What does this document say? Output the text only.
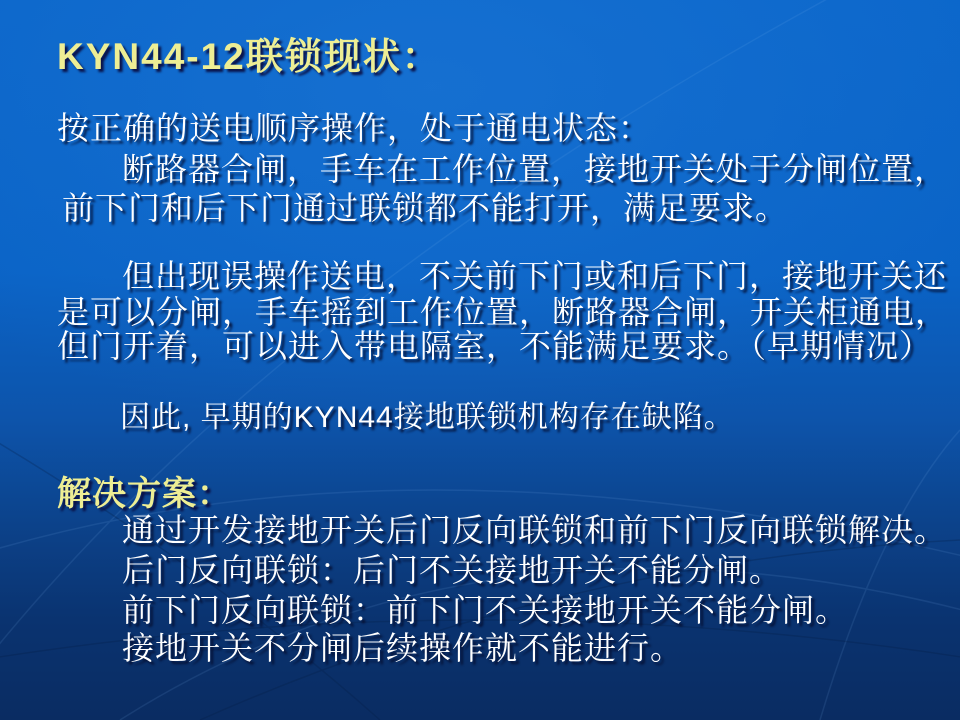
KYN44-12联锁现状：
按正确的送电顺序操作，处于通电状态：
断路器合闸，手车在工作位置，接地开关处于分闸位置，
前下门和后下门通过联锁都不能打开，满足要求。
但出现误操作送电，不关前下门或和后下门，接地开关还
是可以分闸，手车摇到工作位置，断路器合闸，开关柜通电，
但门开着，可以进入带电隔室，不能满足要求。（早期情况）
因此, 早期的KYN44接地联锁机构存在缺陷。
解决方案：
通过开发接地开关后门反向联锁和前下门反向联锁解决。
后门反向联锁：后门不关接地开关不能分闸。
前下门反向联锁：前下门不关接地开关不能分闸。
接地开关不分闸后续操作就不能进行。
